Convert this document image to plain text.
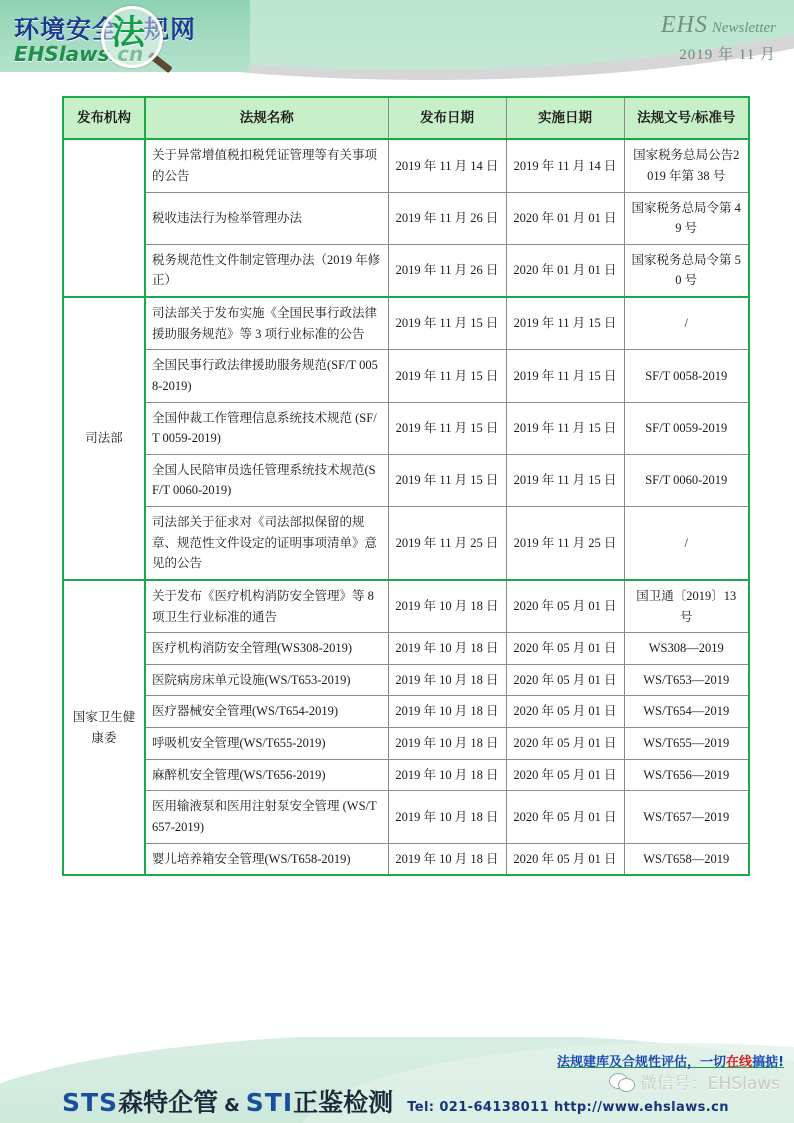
环境安全 规网
法
EHSlaws.cn
EHS Newsletter
2019 年 11 月
发布机构	法规名称	发布日期	实施日期	法规文号/标准号
	关于异常增值税扣税凭证管理等有关事项的公告	2019 年 11 月 14 日	2019 年 11 月 14 日	国家税务总局公告2019 年第 38 号
	税收违法行为检举管理办法	2019 年 11 月 26 日	2020 年 01 月 01 日	国家税务总局令第 49 号
	税务规范性文件制定管理办法（2019 年修正）	2019 年 11 月 26 日	2020 年 01 月 01 日	国家税务总局令第 50 号
司法部	司法部关于发布实施《全国民事行政法律援助服务规范》等 3 项行业标准的公告	2019 年 11 月 15 日	2019 年 11 月 15 日	/
	全国民事行政法律援助服务规范(SF/T 0058-2019)	2019 年 11 月 15 日	2019 年 11 月 15 日	SF/T 0058-2019
	全国仲裁工作管理信息系统技术规范 (SF/T 0059-2019)	2019 年 11 月 15 日	2019 年 11 月 15 日	SF/T 0059-2019
	全国人民陪审员选任管理系统技术规范(SF/T 0060-2019)	2019 年 11 月 15 日	2019 年 11 月 15 日	SF/T 0060-2019
	司法部关于征求对《司法部拟保留的规章、规范性文件设定的证明事项清单》意见的公告	2019 年 11 月 25 日	2019 年 11 月 25 日	/
国家卫生健康委	关于发布《医疗机构消防安全管理》等 8 项卫生行业标准的通告	2019 年 10 月 18 日	2020 年 05 月 01 日	国卫通〔2019〕13 号
	医疗机构消防安全管理(WS308-2019)	2019 年 10 月 18 日	2020 年 05 月 01 日	WS308—2019
	医院病房床单元设施(WS/T653-2019)	2019 年 10 月 18 日	2020 年 05 月 01 日	WS/T653—2019
	医疗器械安全管理(WS/T654-2019)	2019 年 10 月 18 日	2020 年 05 月 01 日	WS/T654—2019
	呼吸机安全管理(WS/T655-2019)	2019 年 10 月 18 日	2020 年 05 月 01 日	WS/T655—2019
	麻醉机安全管理(WS/T656-2019)	2019 年 10 月 18 日	2020 年 05 月 01 日	WS/T656—2019
	医用输液泵和医用注射泵安全管理 (WS/T657-2019)	2019 年 10 月 18 日	2020 年 05 月 01 日	WS/T657—2019
	婴儿培养箱安全管理(WS/T658-2019)	2019 年 10 月 18 日	2020 年 05 月 01 日	WS/T658—2019
法规建库及合规性评估，一切在线搞掂!
微信号：EHSlaws
STS 森特企管 & STI 正鉴检测	Tel: 021-64138011 http://www.ehslaws.cn
